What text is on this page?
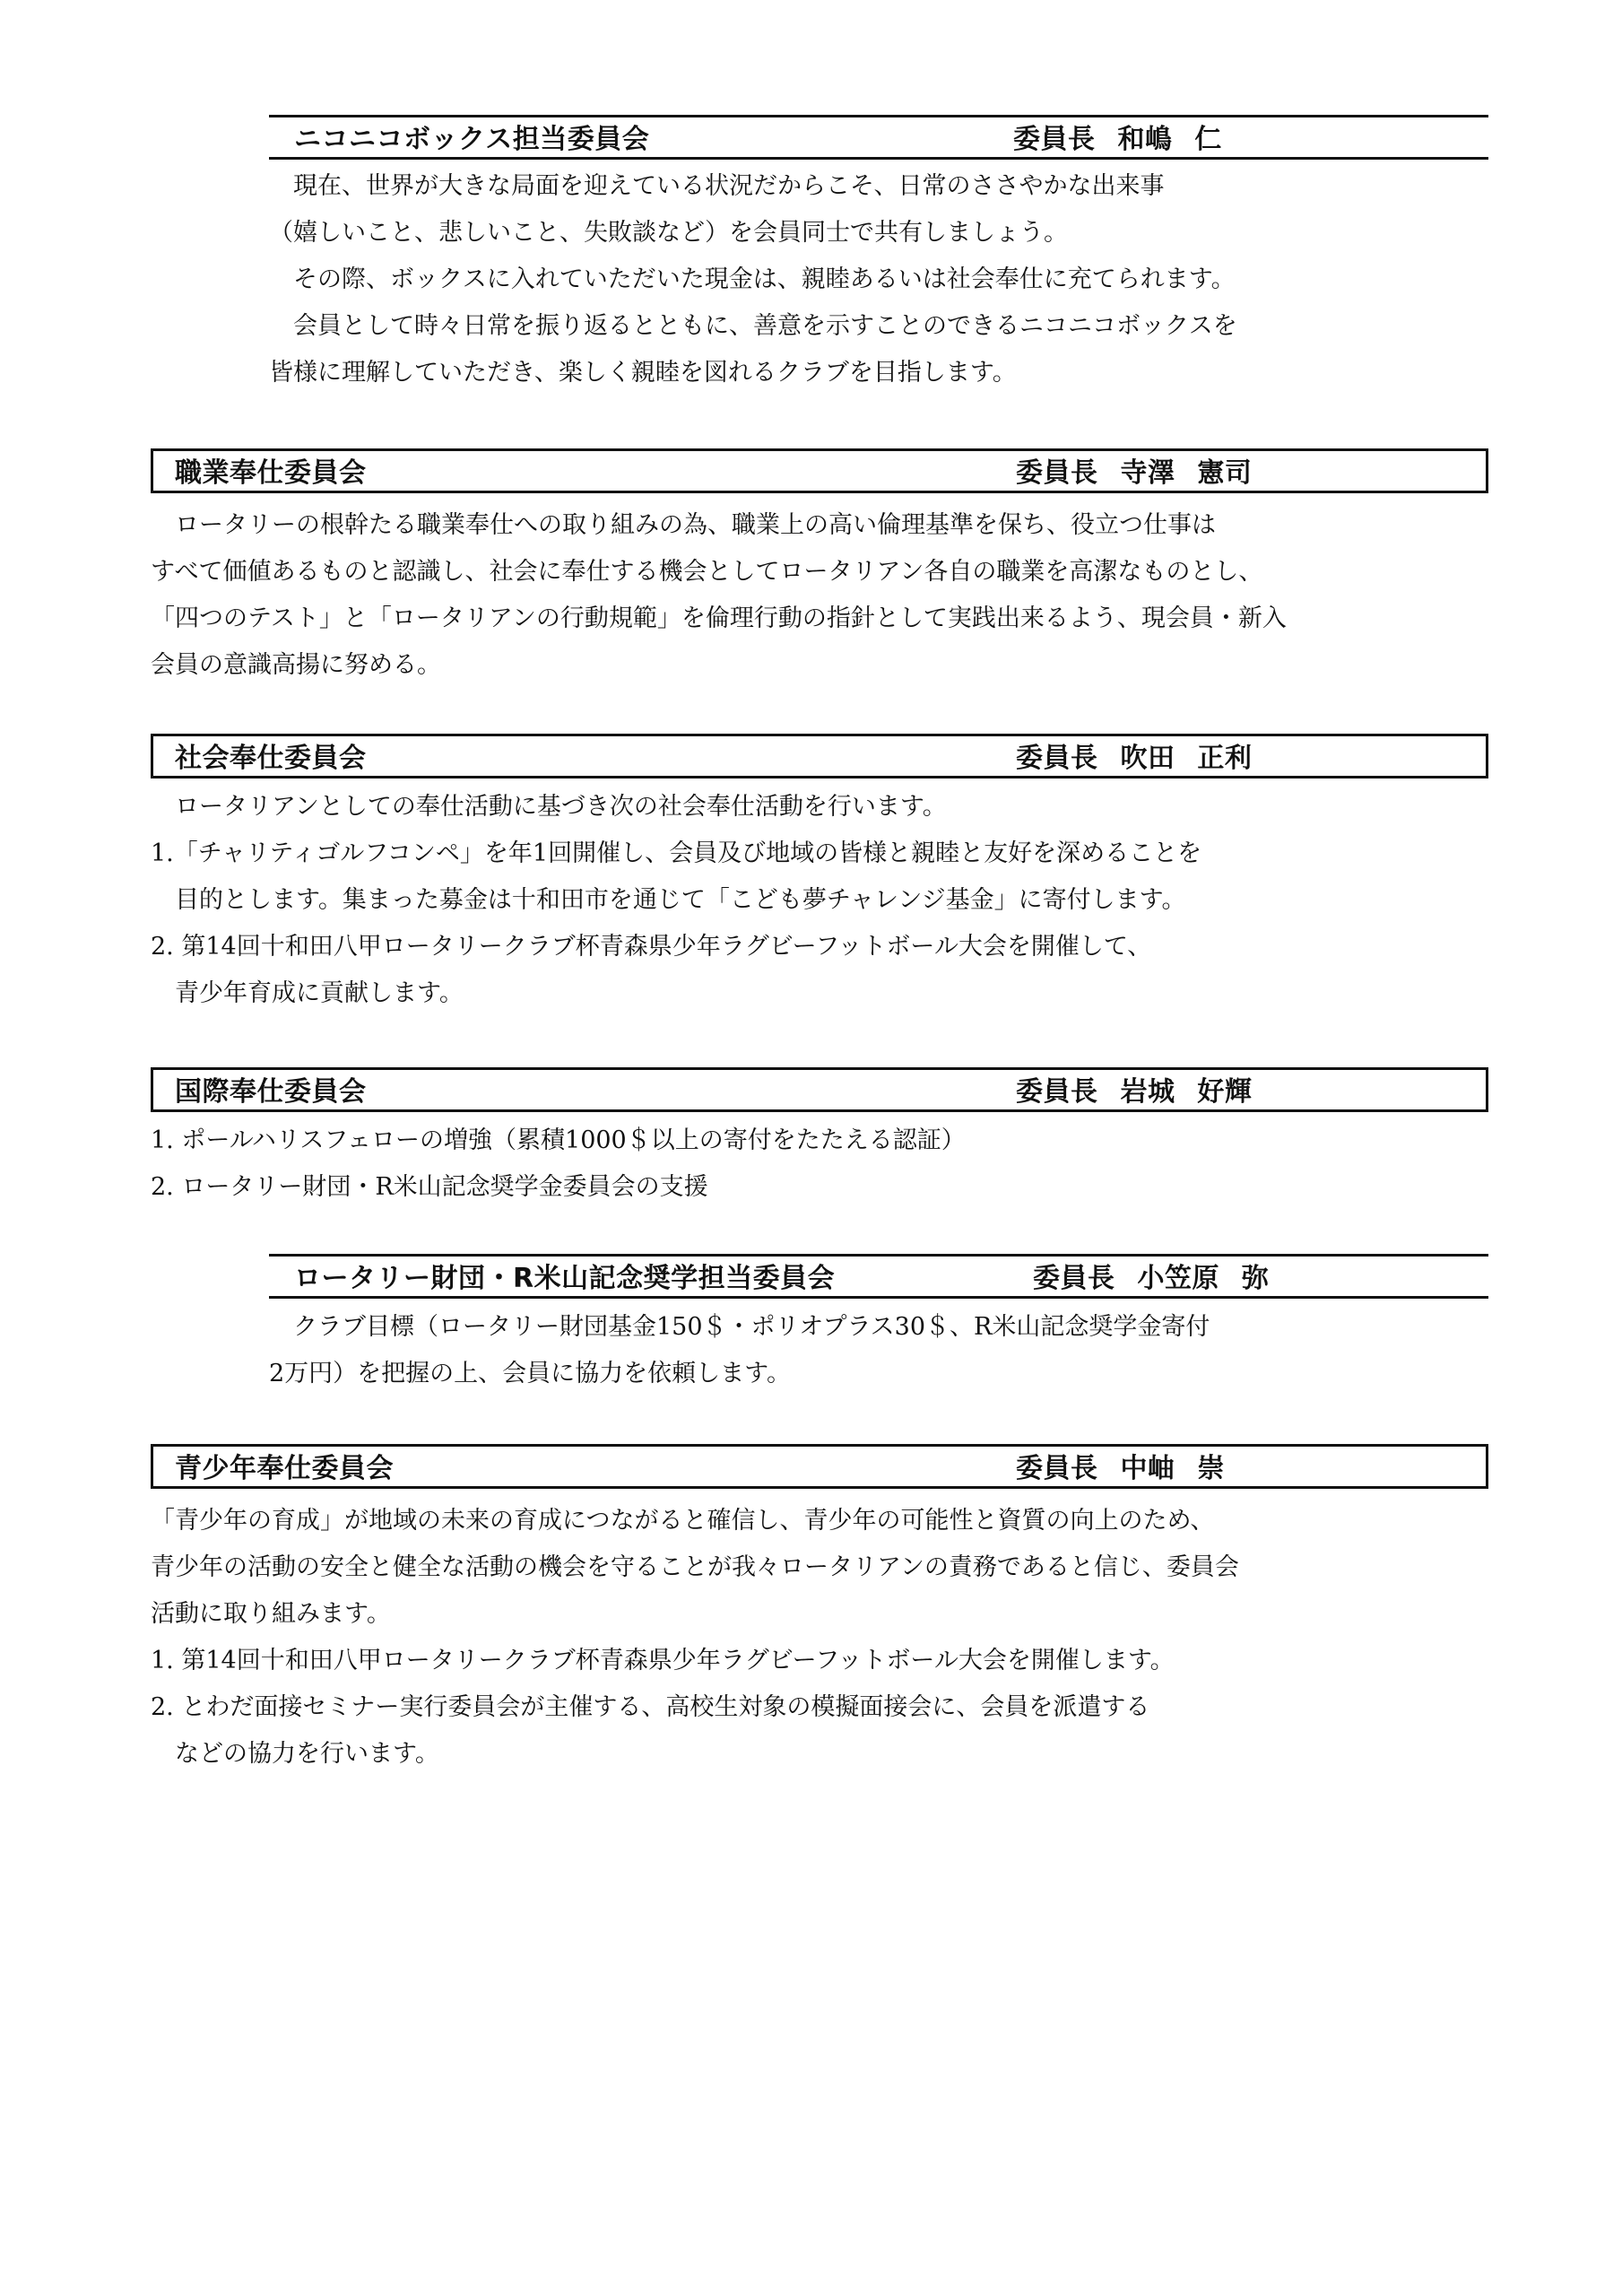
ニコニコボックス担当委員会	委員長 和嶋 仁
　現在、世界が大きな局面を迎えている状況だからこそ、日常のささやかな出来事
（嬉しいこと、悲しいこと、失敗談など）を会員同士で共有しましょう。
　その際、ボックスに入れていただいた現金は、親睦あるいは社会奉仕に充てられます。
　会員として時々日常を振り返るとともに、善意を示すことのできるニコニコボックスを
皆様に理解していただき、楽しく親睦を図れるクラブを目指します。
職業奉仕委員会	委員長 寺澤 憲司
　ロータリーの根幹たる職業奉仕への取り組みの為、職業上の高い倫理基準を保ち、役立つ仕事は
すべて価値あるものと認識し、社会に奉仕する機会としてロータリアン各自の職業を高潔なものとし、
「四つのテスト」と「ロータリアンの行動規範」を倫理行動の指針として実践出来るよう、現会員・新入
会員の意識高揚に努める。
社会奉仕委員会	委員長 吹田 正利
　ロータリアンとしての奉仕活動に基づき次の社会奉仕活動を行います。
1.「チャリティゴルフコンペ」を年1回開催し、会員及び地域の皆様と親睦と友好を深めることを
　目的とします。集まった募金は十和田市を通じて「こども夢チャレンジ基金」に寄付します。
2. 第14回十和田八甲ロータリークラブ杯青森県少年ラグビーフットボール大会を開催して、
　青少年育成に貢献します。
国際奉仕委員会	委員長 岩城 好輝
1. ポールハリスフェローの増強（累積1000＄以上の寄付をたたえる認証）
2. ロータリー財団・R米山記念奨学金委員会の支援
ロータリー財団・R米山記念奨学担当委員会	委員長 小笠原 弥
　クラブ目標（ロータリー財団基金150＄・ポリオプラス30＄、R米山記念奨学金寄付
2万円）を把握の上、会員に協力を依頼します。
青少年奉仕委員会	委員長 中岫 崇
「青少年の育成」が地域の未来の育成につながると確信し、青少年の可能性と資質の向上のため、
青少年の活動の安全と健全な活動の機会を守ることが我々ロータリアンの責務であると信じ、委員会
活動に取り組みます。
1. 第14回十和田八甲ロータリークラブ杯青森県少年ラグビーフットボール大会を開催します。
2. とわだ面接セミナー実行委員会が主催する、高校生対象の模擬面接会に、会員を派遣する
　などの協力を行います。
